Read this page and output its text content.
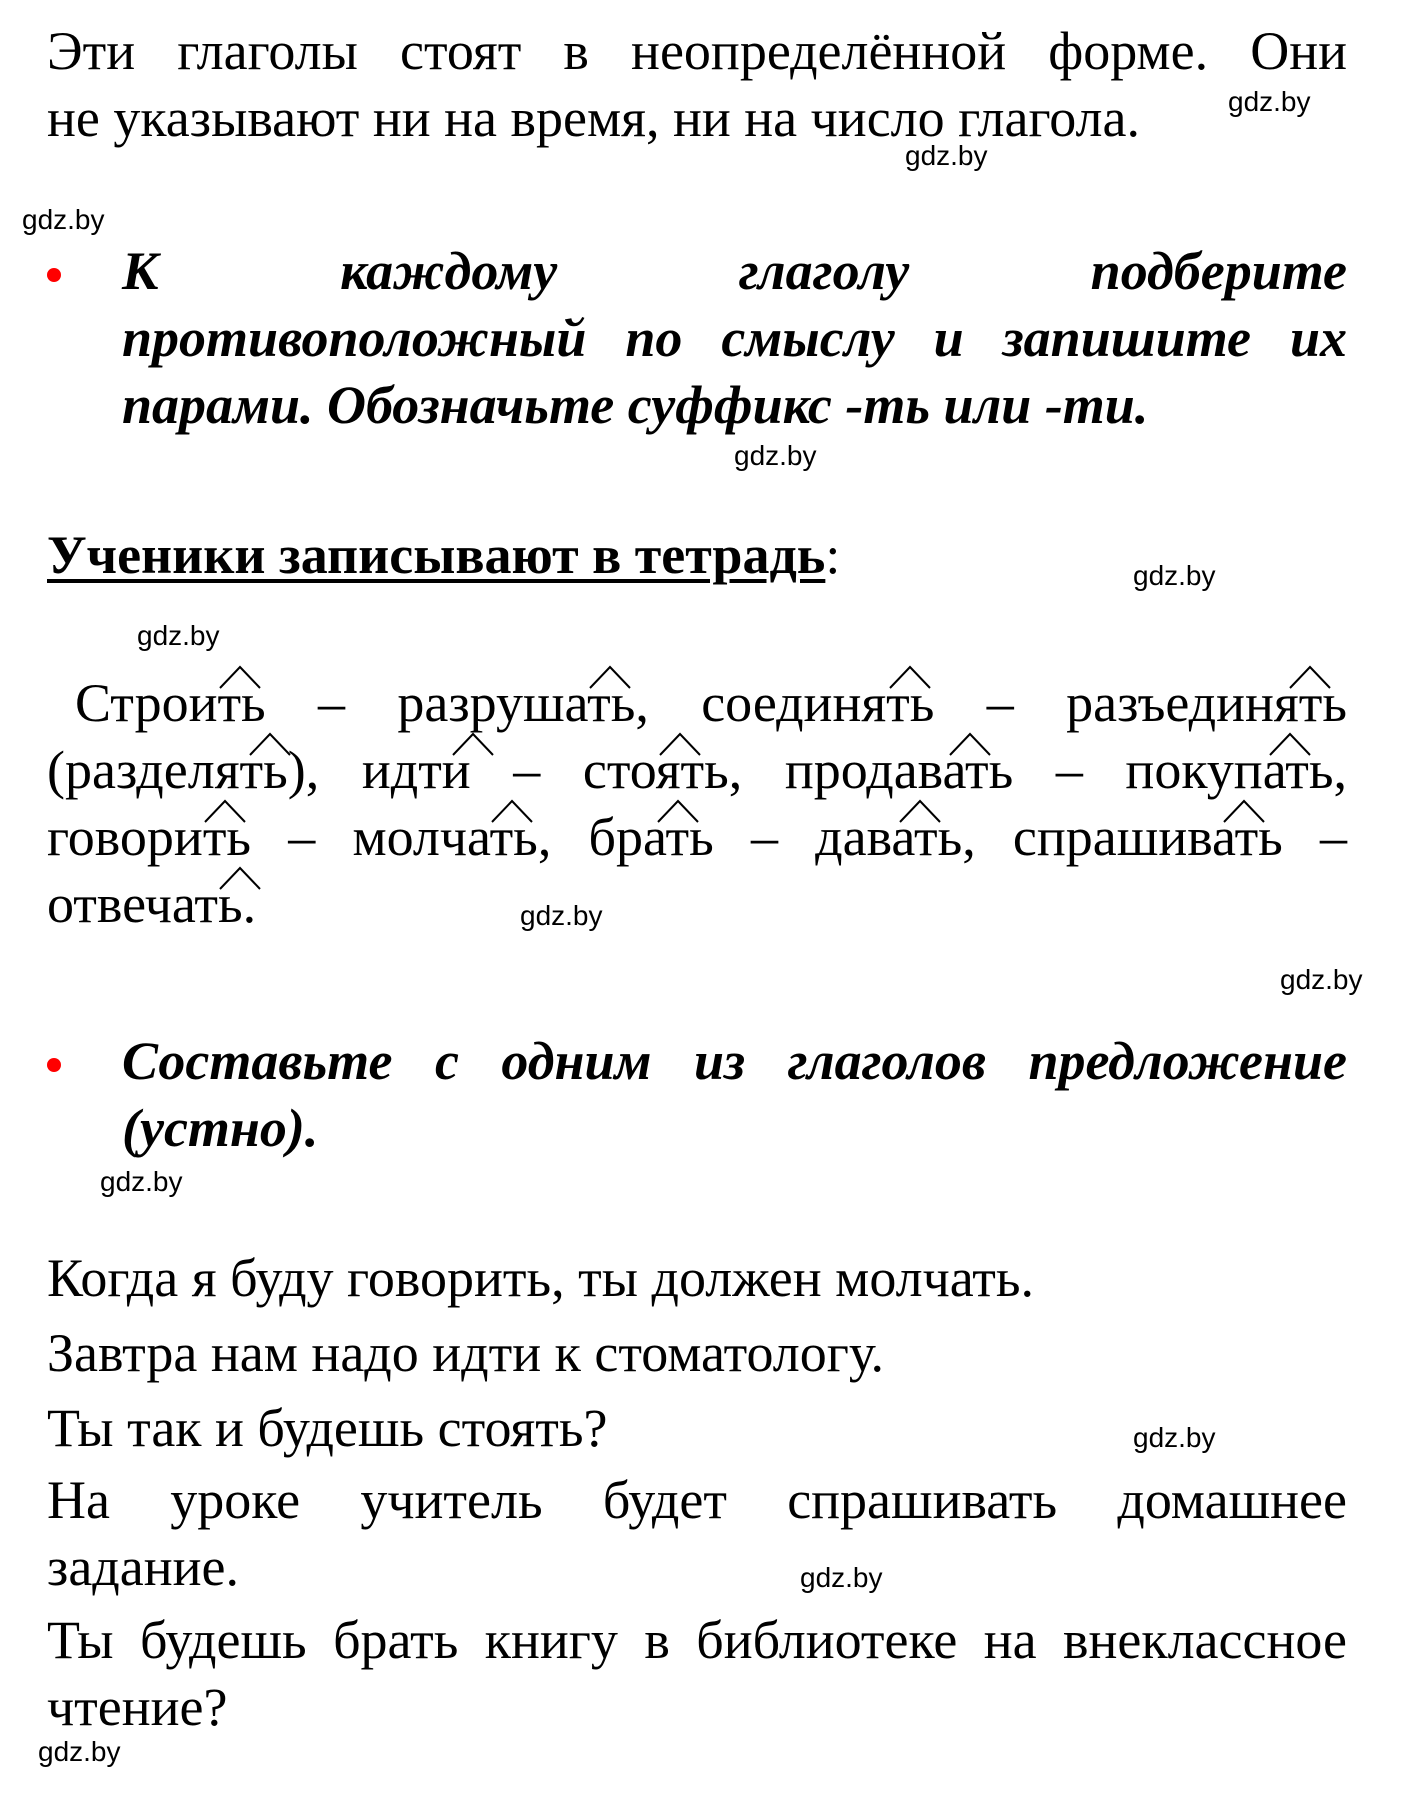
Эти глаголы стоят в неопределённой форме. Они
не указывают ни на время, ни на число глагола.	gdz.by
gdz.by
gdz.by
К каждому глаголу подберите
противоположный по смыслу и запишите их
парами. Обозначьте суффикс -ть или -ти.
gdz.by
Ученики записывают в тетрадь:	gdz.by
gdz.by
Строить – разрушать, соединять – разъединять
(разделять), идти – стоять, продавать – покупать,
говорить – молчать, брать – давать, спрашивать –
отвечать.	gdz.by
gdz.by
Составьте с одним из глаголов предложение
(устно).
gdz.by
Когда я буду говорить, ты должен молчать.
Завтра нам надо идти к стоматологу.
Ты так и будешь стоять?	gdz.by
На уроке учитель будет спрашивать домашнее
задание.	gdz.by
Ты будешь брать книгу в библиотеке на внеклассное
чтение?
gdz.by
